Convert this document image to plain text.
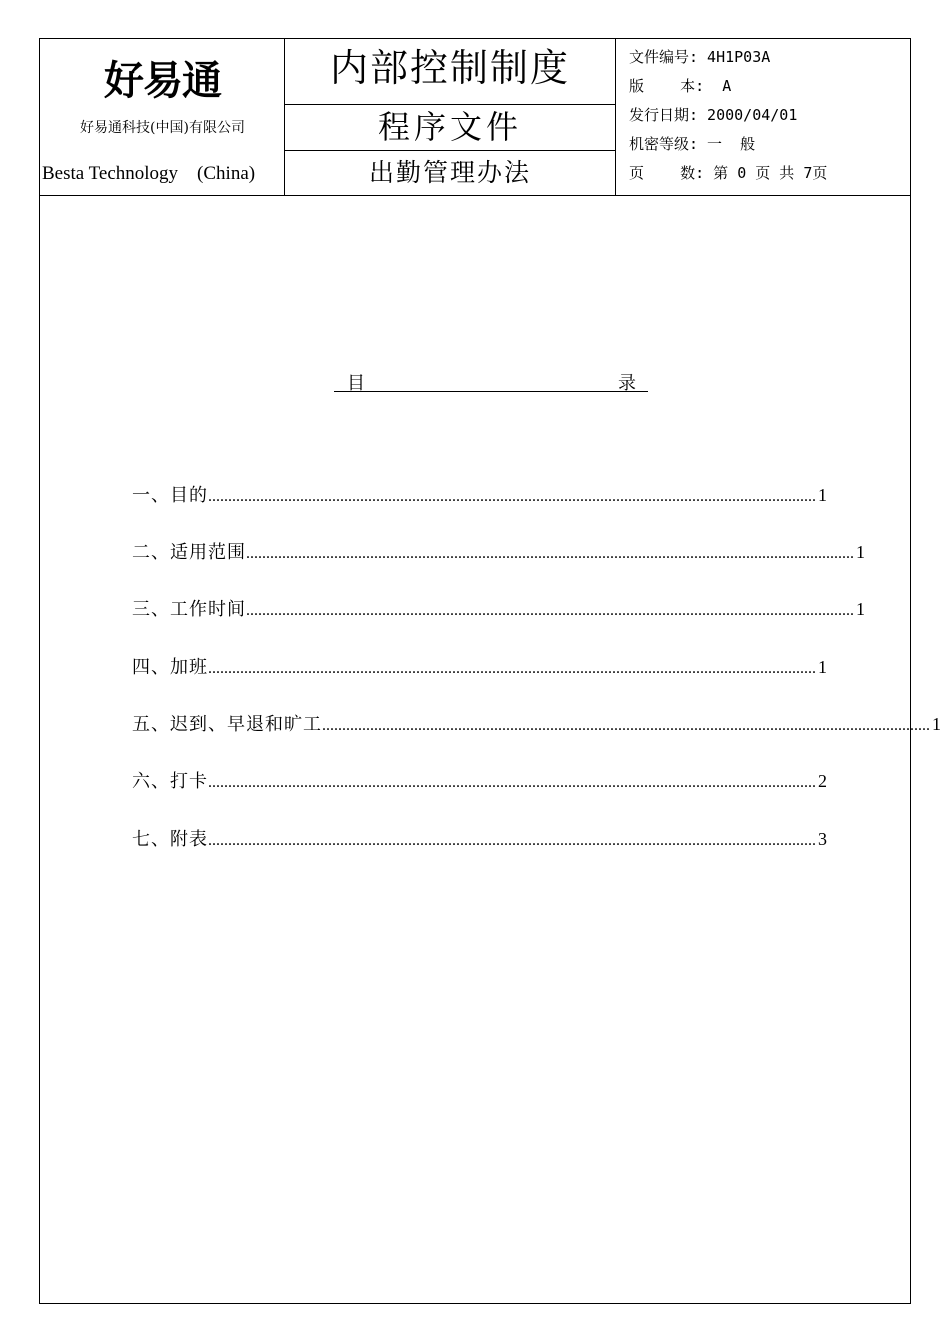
好易通
好易通科技(中国)有限公司
Besta Technology    (China)
内部控制制度
程序文件
出勤管理办法
文件编号: 4H1P03A
版    本:  A
发行日期: 2000/04/01
机密等级: 一  般
页    数: 第 0 页 共 7页
目	录
一、目的 ........................................................................................................................................................ 1
二、适用范围 ........................................................................................................................................................ 1
三、工作时间 ........................................................................................................................................................ 1
四、加班 ........................................................................................................................................................ 1
五、迟到、早退和旷工 ........................................................................................................................................................ 1
六、打卡 ........................................................................................................................................................ 2
七、附表 ........................................................................................................................................................ 3
